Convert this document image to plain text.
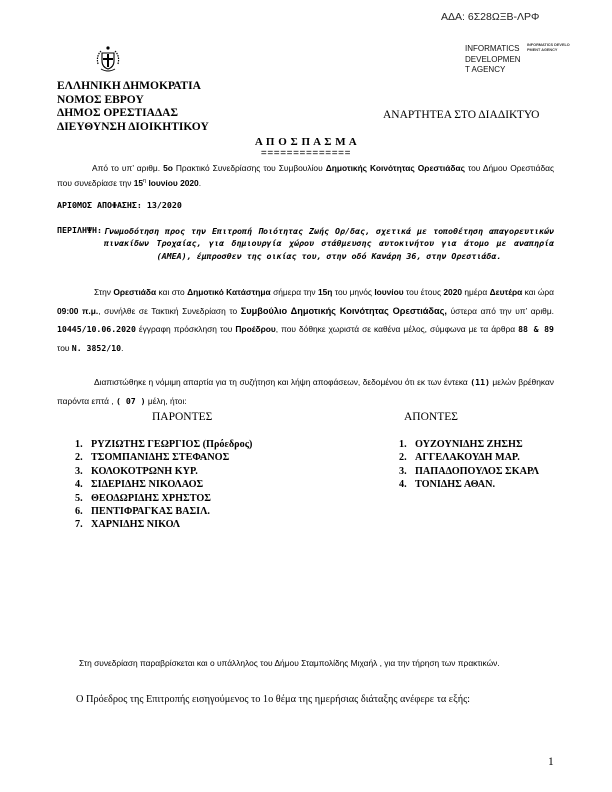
ΑΔΑ: 6Σ28ΩΞΒ-ΛΡΦ
INFORMATICS
DEVELOPMEN
T AGENCY
INFORMATICS DEVELOPMENT AGENCY
ΕΛΛΗΝΙΚΗ ΔΗΜΟΚΡΑΤΙΑ
ΝΟΜΟΣ ΕΒΡΟΥ
ΔΗΜΟΣ ΟΡΕΣΤΙΑΔΑΣ
ΔΙΕΥΘΥΝΣΗ ΔΙΟΙΚΗΤΙΚΟΥ
ΑΝΑΡΤΗΤΕΑ ΣΤΟ ΔΙΑΔΙΚΤΥΟ
Α Π Ο Σ Π Α Σ Μ Α
==============
Από το υπ’ αριθμ. 5ο Πρακτικό Συνεδρίασης του Συμβουλίου Δημοτικής Κοινότητας Ορεστιάδας του Δήμου Ορεστιάδας που συνεδρίασε την $15^\eta$ Ιουνίου 2020.
ΑΡΙΘΜΟΣ ΑΠΟΦΑΣΗΣ: 13/2020
ΠΕΡΙΛΗΨΗ: Γνωμοδότηση προς την Επιτροπή Ποιότητας Ζωής Ορ/δας, σχετικά με τοποθέτηση απαγορευτικών πινακίδων Τροχαίας, για δημιουργία χώρου στάθμευσης αυτοκινήτου για άτομο με αναπηρία (ΑΜΕΑ), έμπροσθεν της οικίας του, στην οδό Κανάρη 36, στην Ορεστιάδα.
Στην Ορεστιάδα και στο Δημοτικό Κατάστημα σήμερα την 15η του μηνός Ιουνίου του έτους 2020 ημέρα Δευτέρα και ώρα 09:00 π.μ., συνήλθε σε Τακτική Συνεδρίαση το Συμβούλιο Δημοτικής Κοινότητας Ορεστιάδας, ύστερα από την υπ’ αριθμ. 10445/10.06.2020 έγγραφη πρόσκληση του Προέδρου, που δόθηκε χωριστά σε καθένα μέλος, σύμφωνα με τα άρθρα 88 & 89 του Ν. 3852/10.
Διαπιστώθηκε η νόμιμη απαρτία για τη συζήτηση και λήψη αποφάσεων, δεδομένου ότι εκ των έντεκα (11) μελών βρέθηκαν παρόντα επτά , ( 07 ) μέλη, ήτοι:
ΠΑΡΟΝΤΕΣ	ΑΠΟΝΤΕΣ
1. ΡΥΖΙΩΤΗΣ ΓΕΩΡΓΙΟΣ (Πρόεδρος)
2. ΤΣΟΜΠΑΝΙΔΗΣ ΣΤΕΦΑΝΟΣ
3. ΚΟΛΟΚΟΤΡΩΝΗ ΚΥΡ.
4. ΣΙΔΕΡΙΔΗΣ ΝΙΚΟΛΑΟΣ
5. ΘΕΟΔΩΡΙΔΗΣ ΧΡΗΣΤΟΣ
6. ΠΕΝΤΙΦΡΑΓΚΑΣ ΒΑΣΙΛ.
7. ΧΑΡΝΙΔΗΣ ΝΙΚΟΛ
1. ΟΥΖΟΥΝΙΔΗΣ ΖΗΣΗΣ
2. ΑΓΓΕΛΑΚΟΥΔΗ ΜΑΡ.
3. ΠΑΠΑΔΟΠΟΥΛΟΣ ΣΚΑΡΛ
4. ΤΟΝΙΔΗΣ ΑΘΑΝ.
Στη συνεδρίαση παραβρίσκεται και ο υπάλληλος του Δήμου Σταμπολίδης Μιχαήλ , για την τήρηση των πρακτικών.
Ο Πρόεδρος της Επιτροπής εισηγούμενος το 1ο θέμα της ημερήσιας διάταξης ανέφερε τα εξής:
1
